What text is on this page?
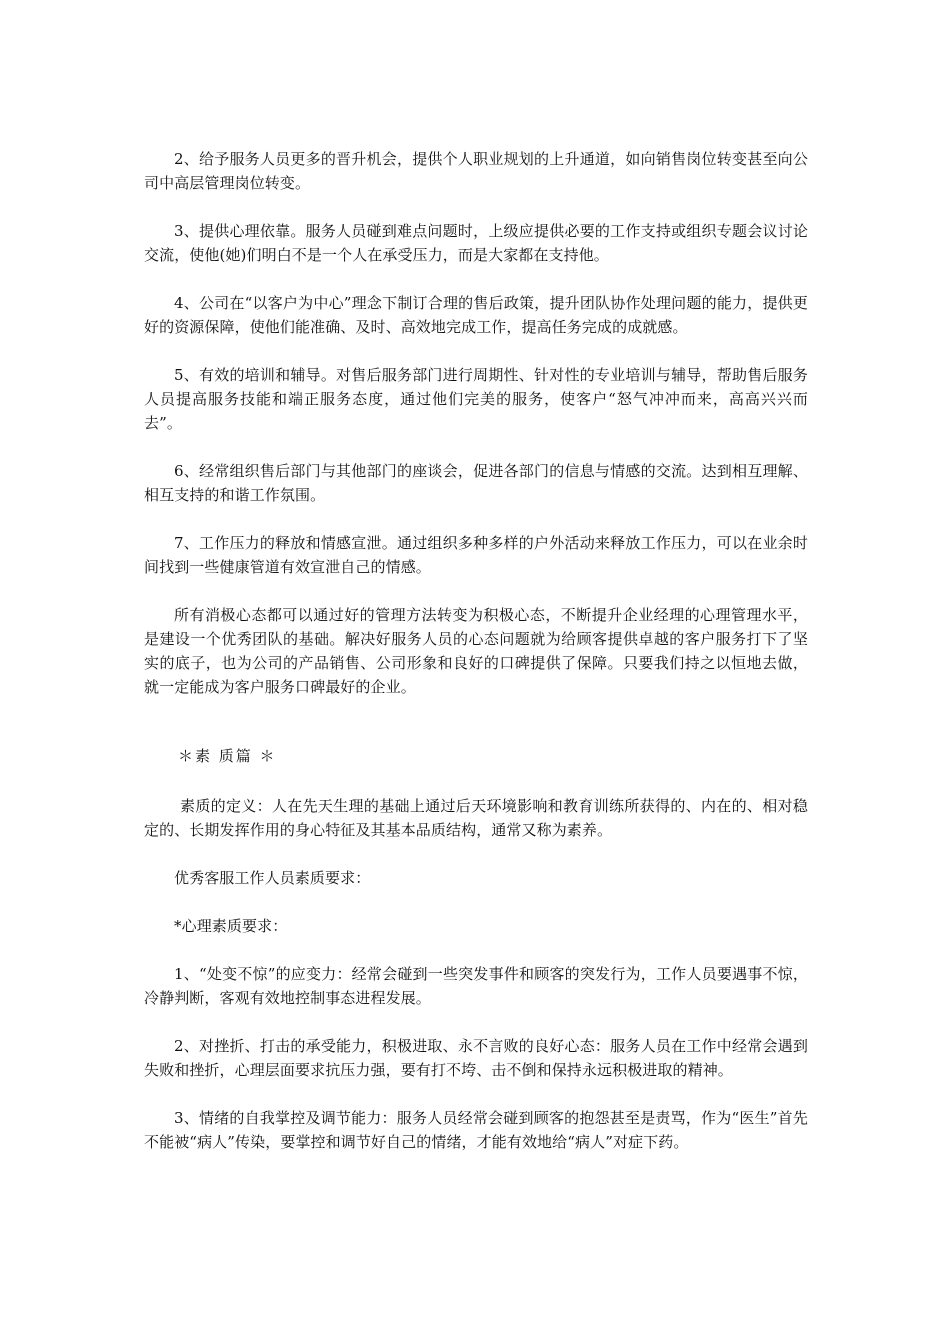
2、给予服务人员更多的晋升机会，提供个人职业规划的上升通道，如向销售岗位转变甚至向公司中高层管理岗位转变。

3、提供心理依靠。服务人员碰到难点问题时，上级应提供必要的工作支持或组织专题会议讨论交流，使他(她)们明白不是一个人在承受压力，而是大家都在支持他。

4、公司在“以客户为中心”理念下制订合理的售后政策，提升团队协作处理问题的能力，提供更好的资源保障，使他们能准确、及时、高效地完成工作，提高任务完成的成就感。

5、有效的培训和辅导。对售后服务部门进行周期性、针对性的专业培训与辅导，帮助售后服务人员提高服务技能和端正服务态度，通过他们完美的服务，使客户“怒气冲冲而来，高高兴兴而去”。

6、经常组织售后部门与其他部门的座谈会，促进各部门的信息与情感的交流。达到相互理解、相互支持的和谐工作氛围。

7、工作压力的释放和情感宣泄。通过组织多种多样的户外活动来释放工作压力，可以在业余时间找到一些健康管道有效宣泄自己的情感。

所有消极心态都可以通过好的管理方法转变为积极心态，不断提升企业经理的心理管理水平，是建设一个优秀团队的基础。解决好服务人员的心态问题就为给顾客提供卓越的客户服务打下了坚实的底子，也为公司的产品销售、公司形象和良好的口碑提供了保障。只要我们持之以恒地去做，就一定能成为客户服务口碑最好的企业。

＊素 质篇 ＊

素质的定义：人在先天生理的基础上通过后天环境影响和教育训练所获得的、内在的、相对稳定的、长期发挥作用的身心特征及其基本品质结构，通常又称为素养。

优秀客服工作人员素质要求：

*心理素质要求：

1、“处变不惊”的应变力：经常会碰到一些突发事件和顾客的突发行为，工作人员要遇事不惊，冷静判断，客观有效地控制事态进程发展。

2、对挫折、打击的承受能力，积极进取、永不言败的良好心态：服务人员在工作中经常会遇到失败和挫折，心理层面要求抗压力强，要有打不垮、击不倒和保持永远积极进取的精神。

3、情绪的自我掌控及调节能力：服务人员经常会碰到顾客的抱怨甚至是责骂，作为“医生”首先不能被“病人”传染，要掌控和调节好自己的情绪，才能有效地给“病人”对症下药。
